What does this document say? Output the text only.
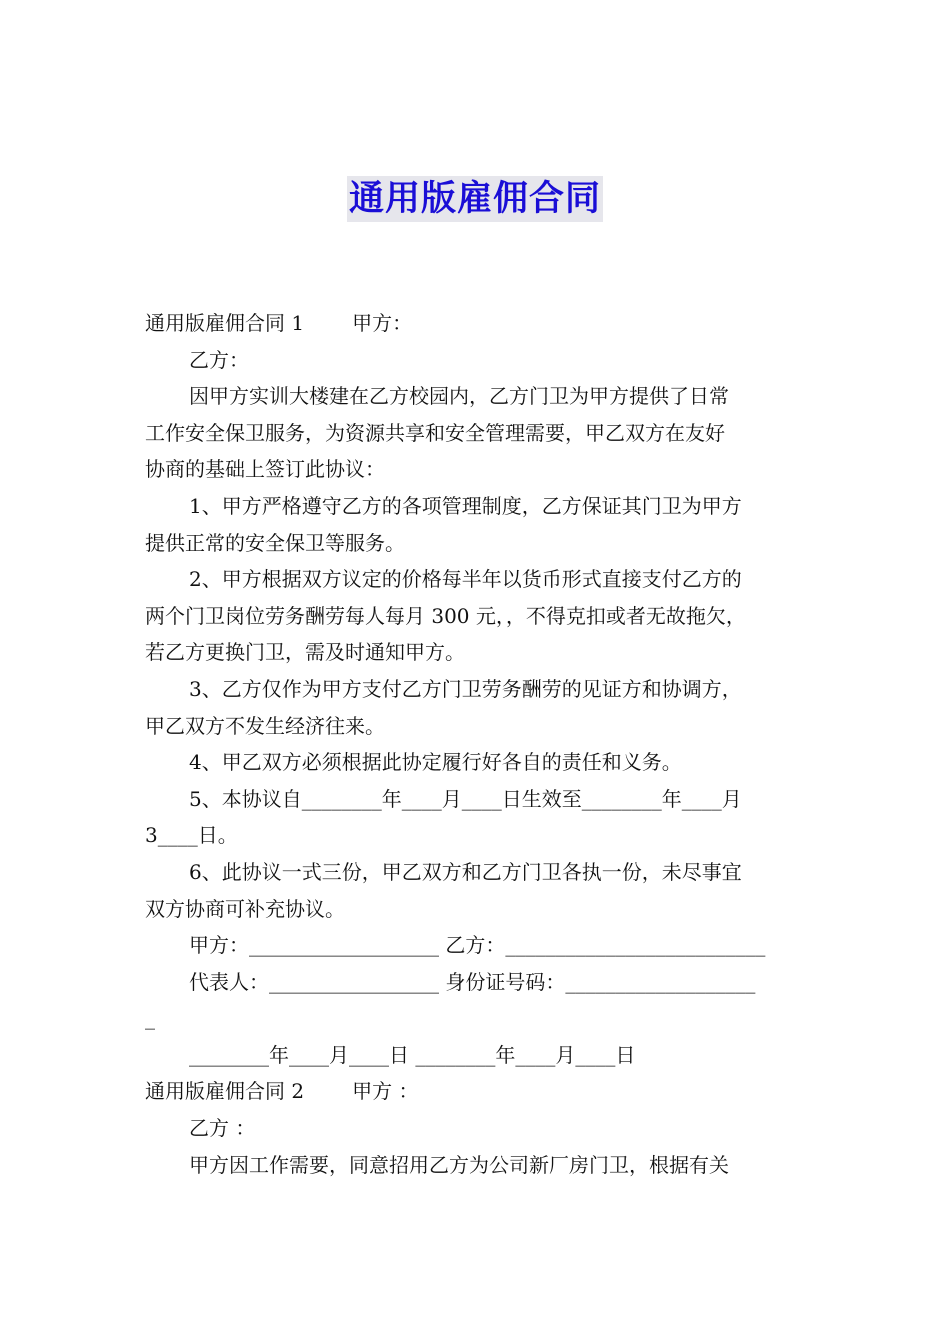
通用版雇佣合同
通用版雇佣合同 1 甲方：
乙方：
因甲方实训大楼建在乙方校园内，乙方门卫为甲方提供了日常
工作安全保卫服务，为资源共享和安全管理需要，甲乙双方在友好
协商的基础上签订此协议：
1、甲方严格遵守乙方的各项管理制度，乙方保证其门卫为甲方
提供正常的安全保卫等服务。
2、甲方根据双方议定的价格每半年以货币形式直接支付乙方的
两个门卫岗位劳务酬劳每人每月 300 元，，不得克扣或者无故拖欠，
若乙方更换门卫，需及时通知甲方。
3、乙方仅作为甲方支付乙方门卫劳务酬劳的见证方和协调方，
甲乙双方不发生经济往来。
4、甲乙双方必须根据此协定履行好各自的责任和义务。
5、本协议自________年____月____日生效至________年____月
3____日。
6、此协议一式三份，甲乙双方和乙方门卫各执一份，未尽事宜
双方协商可补充协议。
甲方：___________________ 乙方：__________________________
代表人：_________________ 身份证号码：___________________
_
________年____月____日 ________年____月____日
通用版雇佣合同 2 甲方 ：
乙方 ：
甲方因工作需要，同意招用乙方为公司新厂房门卫，根据有关
